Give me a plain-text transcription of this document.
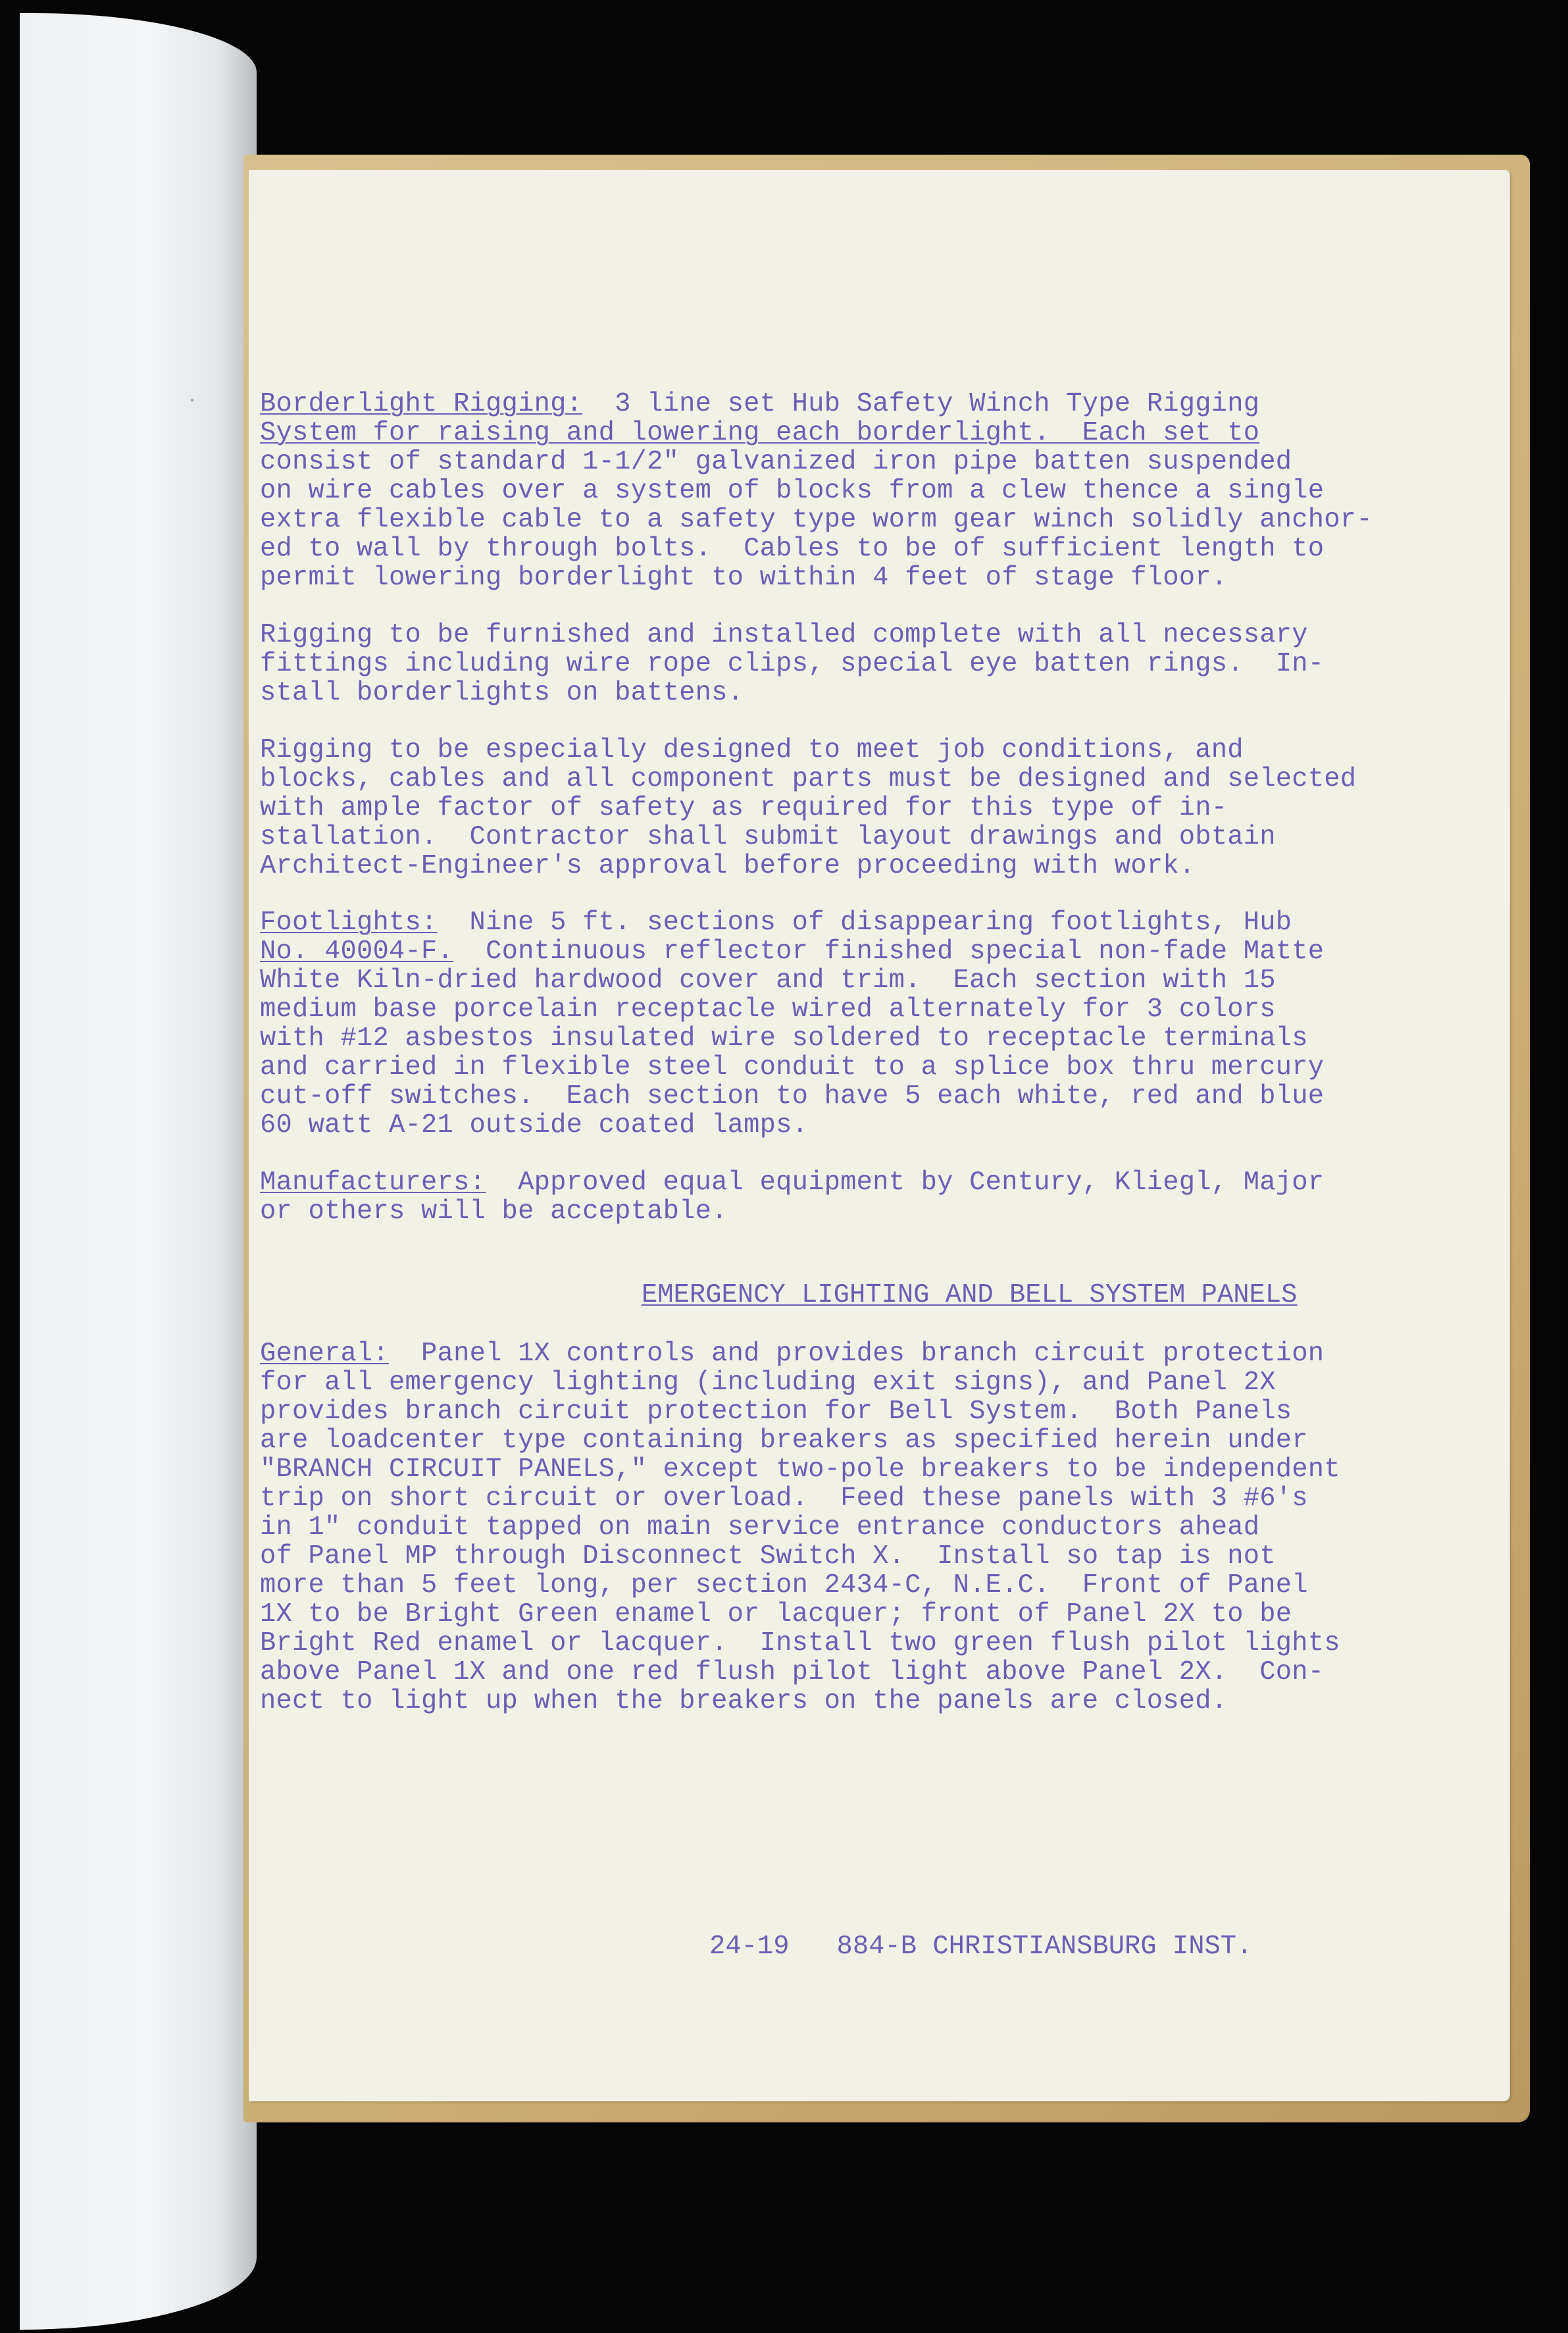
Borderlight Rigging:  3 line set Hub Safety Winch Type Rigging
System for raising and lowering each borderlight.  Each set to
consist of standard 1-1/2" galvanized iron pipe batten suspended
on wire cables over a system of blocks from a clew thence a single
extra flexible cable to a safety type worm gear winch solidly anchor-
ed to wall by through bolts.  Cables to be of sufficient length to
permit lowering borderlight to within 4 feet of stage floor.
Rigging to be furnished and installed complete with all necessary
fittings including wire rope clips, special eye batten rings.  In-
stall borderlights on battens.
Rigging to be especially designed to meet job conditions, and
blocks, cables and all component parts must be designed and selected
with ample factor of safety as required for this type of in-
stallation.  Contractor shall submit layout drawings and obtain
Architect-Engineer's approval before proceeding with work.
Footlights:  Nine 5 ft. sections of disappearing footlights, Hub
No. 40004-F.  Continuous reflector finished special non-fade Matte
White Kiln-dried hardwood cover and trim.  Each section with 15
medium base porcelain receptacle wired alternately for 3 colors
with #12 asbestos insulated wire soldered to receptacle terminals
and carried in flexible steel conduit to a splice box thru mercury
cut-off switches.  Each section to have 5 each white, red and blue
60 watt A-21 outside coated lamps.
Manufacturers:  Approved equal equipment by Century, Kliegl, Major
or others will be acceptable.
EMERGENCY LIGHTING AND BELL SYSTEM PANELS
General:  Panel 1X controls and provides branch circuit protection
for all emergency lighting (including exit signs), and Panel 2X
provides branch circuit protection for Bell System.  Both Panels
are loadcenter type containing breakers as specified herein under
"BRANCH CIRCUIT PANELS," except two-pole breakers to be independent
trip on short circuit or overload.  Feed these panels with 3 #6's
in 1" conduit tapped on main service entrance conductors ahead
of Panel MP through Disconnect Switch X.  Install so tap is not
more than 5 feet long, per section 2434-C, N.E.C.  Front of Panel
1X to be Bright Green enamel or lacquer; front of Panel 2X to be
Bright Red enamel or lacquer.  Install two green flush pilot lights
above Panel 1X and one red flush pilot light above Panel 2X.  Con-
nect to light up when the breakers on the panels are closed.
24-19 884-B CHRISTIANSBURG INST.
